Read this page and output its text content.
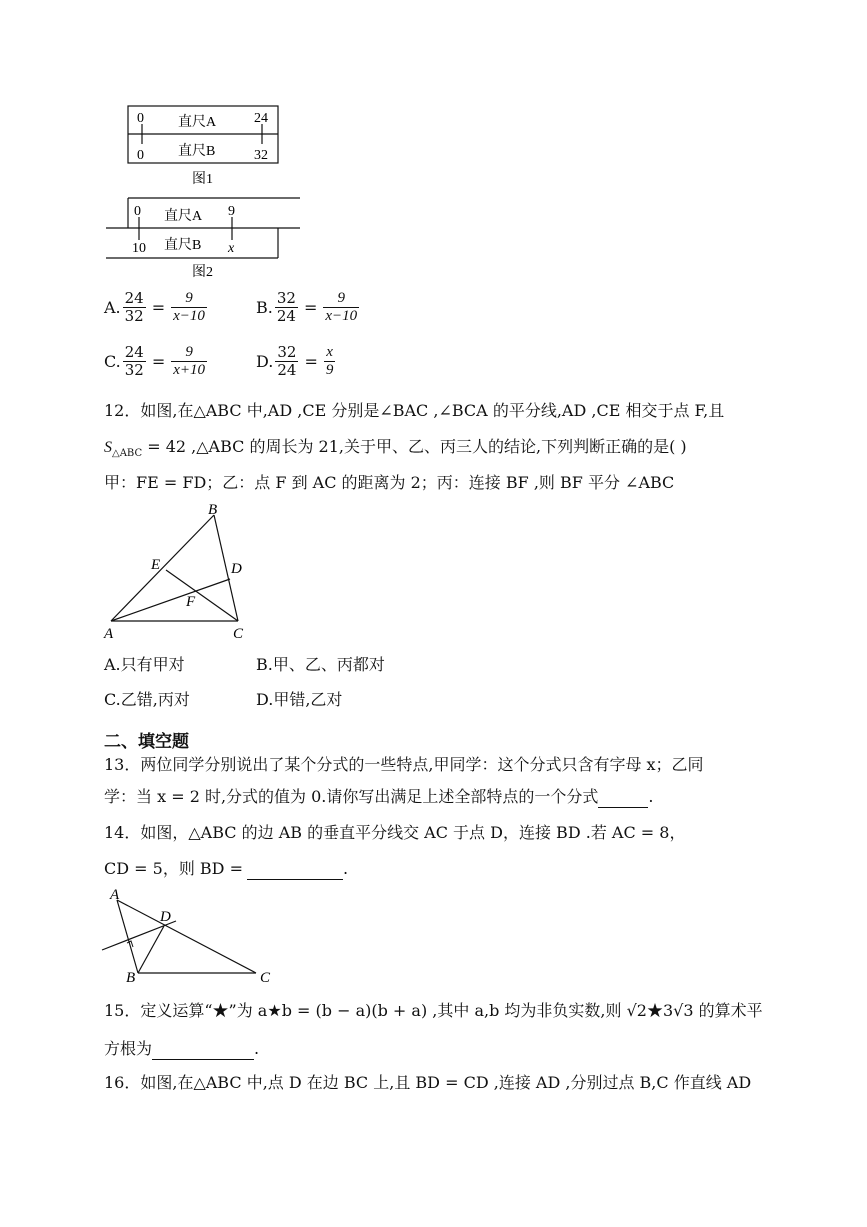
0	24
直尺A
直尺B
0	32
图1
0 直尺A 9
10 直尺B x
图2
A. $\frac{24}{32} = \frac{9}{x-10}$	B. $\frac{32}{24} = \frac{9}{x-10}$
C. $\frac{24}{32} = \frac{9}{x+10}$	D. $\frac{32}{24} = \frac{x}{9}$
12．如图,在△ABC 中,AD ,CE 分别是∠BAC ,∠BCA 的平分线,AD ,CE 相交于点 F,且
$S_{\triangle ABC} = 42$ ,△ABC 的周长为 21,关于甲、乙、丙三人的结论,下列判断正确的是( )
甲：FE = FD；乙：点 F 到 AC 的距离为 2；丙：连接 BF ,则 BF 平分 ∠ABC
B
E	D
F
A	C
A.只有甲对	B.甲、乙、丙都对
C.乙错,丙对	D.甲错,乙对
二、填空题
13．两位同学分别说出了某个分式的一些特点,甲同学：这个分式只含有字母 x；乙同
学：当 x = 2 时,分式的值为 0.请你写出满足上述全部特点的一个分式	.
14．如图，△ABC 的边 AB 的垂直平分线交 AC 于点 D，连接 BD .若 AC = 8，
CD = 5，则 BD =	.
A
D
B	C
15．定义运算“★”为 a★b = (b − a)(b + a) ,其中 a,b 均为非负实数,则 √2★3√3 的算术平
方根为	.
16．如图,在△ABC 中,点 D 在边 BC 上,且 BD = CD ,连接 AD ,分别过点 B,C 作直线 AD
